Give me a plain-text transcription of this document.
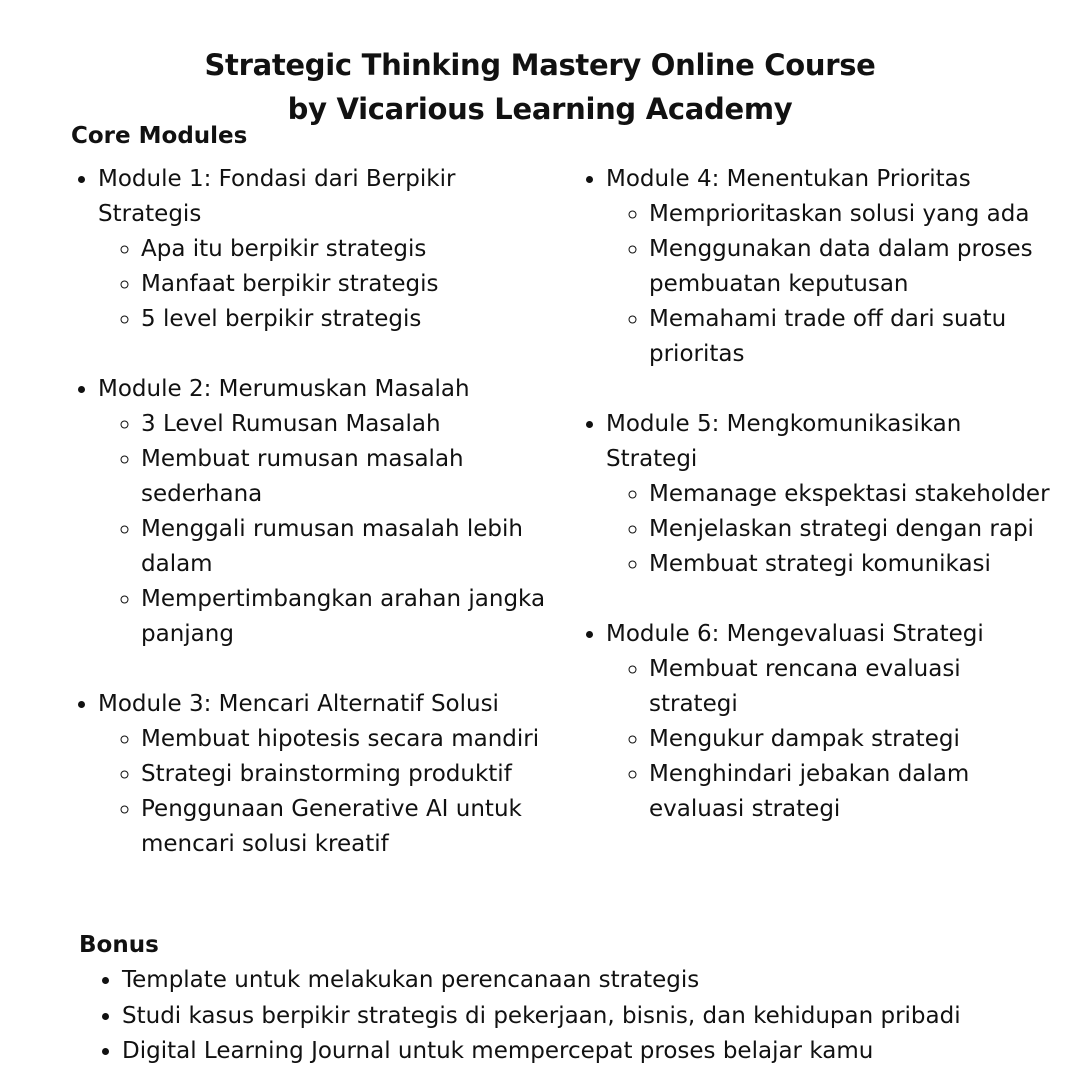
Strategic Thinking Mastery Online Course
by Vicarious Learning Academy
Core Modules
• Module 1: Fondasi dari Berpikir Strategis
◦ Apa itu berpikir strategis
◦ Manfaat berpikir strategis
◦ 5 level berpikir strategis
• Module 2: Merumuskan Masalah
◦ 3 Level Rumusan Masalah
◦ Membuat rumusan masalah sederhana
◦ Menggali rumusan masalah lebih dalam
◦ Mempertimbangkan arahan jangka panjang
• Module 3: Mencari Alternatif Solusi
◦ Membuat hipotesis secara mandiri
◦ Strategi brainstorming produktif
◦ Penggunaan Generative AI untuk mencari solusi kreatif
• Module 4: Menentukan Prioritas
◦ Memprioritaskan solusi yang ada
◦ Menggunakan data dalam proses pembuatan keputusan
◦ Memahami trade off dari suatu prioritas
• Module 5: Mengkomunikasikan Strategi
◦ Memanage ekspektasi stakeholder
◦ Menjelaskan strategi dengan rapi
◦ Membuat strategi komunikasi
• Module 6: Mengevaluasi Strategi
◦ Membuat rencana evaluasi strategi
◦ Mengukur dampak strategi
◦ Menghindari jebakan dalam evaluasi strategi
Bonus
• Template untuk melakukan perencanaan strategis
• Studi kasus berpikir strategis di pekerjaan, bisnis, dan kehidupan pribadi
• Digital Learning Journal untuk mempercepat proses belajar kamu
